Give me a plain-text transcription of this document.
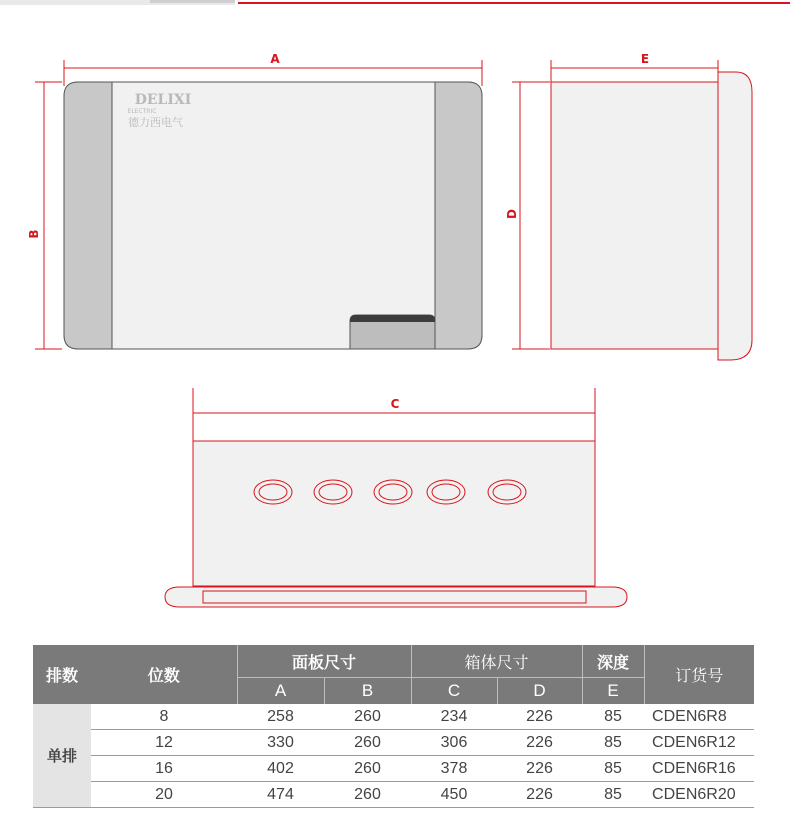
A
B
DELIXI
ELECTRIC
德力西电气
E
D
C
排数	位数	面板尺寸		箱体尺寸		深度	订货号
		A	B	C	D	E	
单排	8	258	260	234	226	85	CDEN6R8
	12	330	260	306	226	85	CDEN6R12
	16	402	260	378	226	85	CDEN6R16
	20	474	260	450	226	85	CDEN6R20
